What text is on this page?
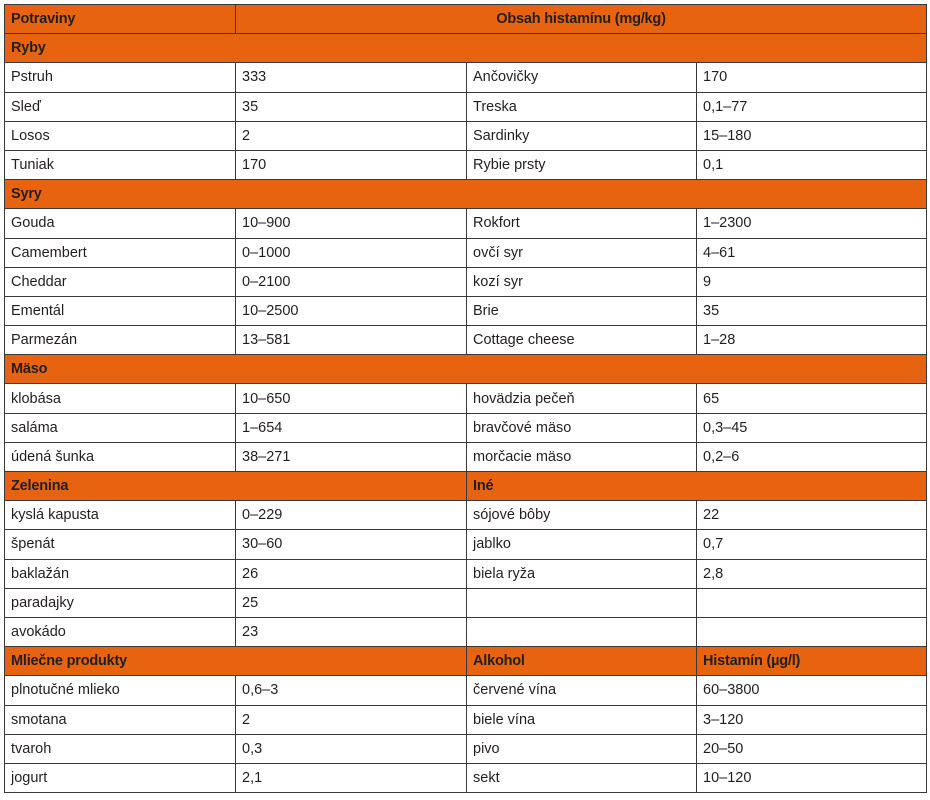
Potraviny	Obsah histamínu (mg/kg)		
Ryby			
Pstruh	333	Ančovičky	170
Sleď	35	Treska	0,1–77
Losos	2	Sardinky	15–180
Tuniak	170	Rybie prsty	0,1
Syry			
Gouda	10–900	Rokfort	1–2300
Camembert	0–1000	ovčí syr	4–61
Cheddar	0–2100	kozí syr	9
Ementál	10–2500	Brie	35
Parmezán	13–581	Cottage cheese	1–28
Mäso			
klobása	10–650	hovädzia pečeň	65
saláma	1–654	bravčové mäso	0,3–45
údená šunka	38–271	morčacie mäso	0,2–6
Zelenina		Iné	
kyslá kapusta	0–229	sójové bôby	22
špenát	30–60	jablko	0,7
baklažán	26	biela ryža	2,8
paradajky	25		
avokádo	23		
Mliečne produkty		Alkohol	Histamín (µg/l)
plnotučné mlieko	0,6–3	červené vína	60–3800
smotana	2	biele vína	3–120
tvaroh	0,3	pivo	20–50
jogurt	2,1	sekt	10–120
